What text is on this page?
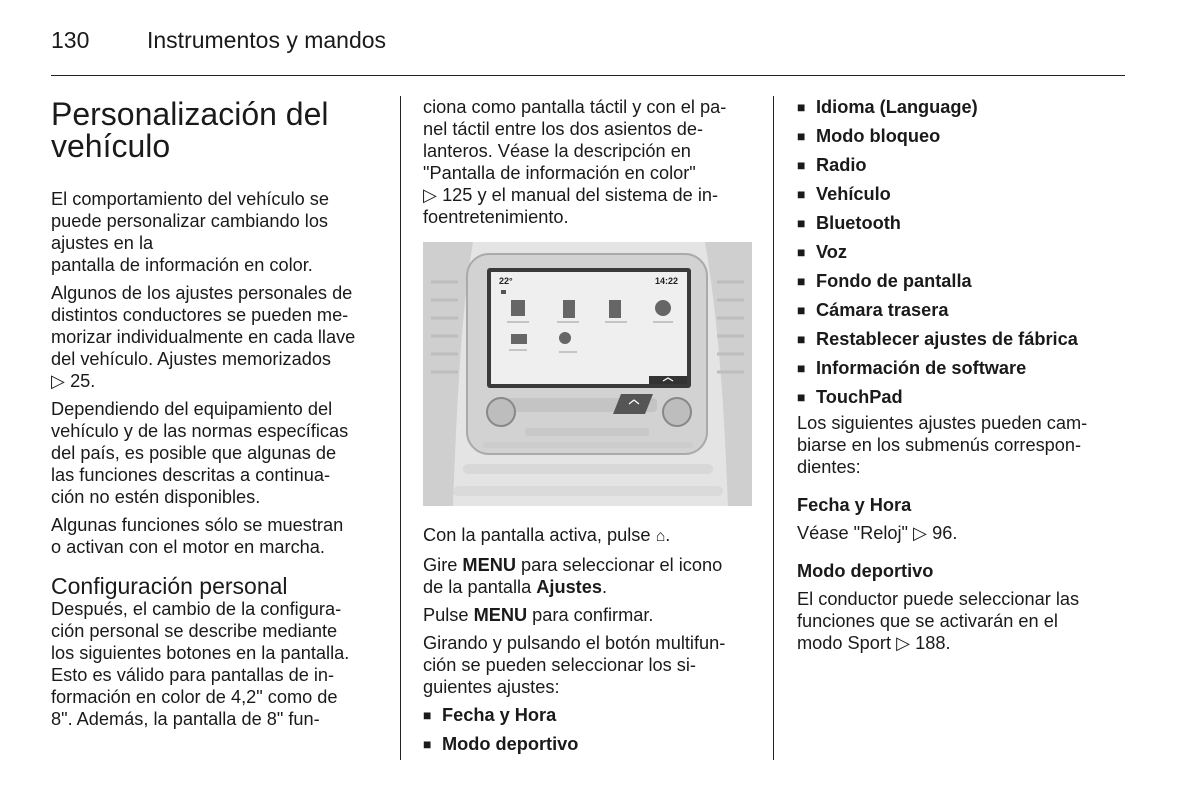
130	Instrumentos y mandos
Personalización del
vehículo

El comportamiento del vehículo se
puede personalizar cambiando los
ajustes en la
pantalla de información en color.

Algunos de los ajustes personales de
distintos conductores se pueden me-
morizar individualmente en cada llave
del vehículo. Ajustes memorizados
▷ 25.

Dependiendo del equipamiento del
vehículo y de las normas específicas
del país, es posible que algunas de
las funciones descritas a continua-
ción no estén disponibles.

Algunas funciones sólo se muestran
o activan con el motor en marcha.

Configuración personal

Después, el cambio de la configura-
ción personal se describe mediante
los siguientes botones en la pantalla.
Esto es válido para pantallas de in-
formación en color de 4,2" como de
8". Además, la pantalla de 8" fun-

ciona como pantalla táctil y con el pa-
nel táctil entre los dos asientos de-
lanteros. Véase la descripción en
"Pantalla de información en color"
▷ 125 y el manual del sistema de in-
foentretenimiento.

22°	14:22

Con la pantalla activa, pulse ⌂.

Gire MENU para seleccionar el icono
de la pantalla Ajustes.

Pulse MENU para confirmar.

Girando y pulsando el botón multifun-
ción se pueden seleccionar los si-
guientes ajustes:

■ Fecha y Hora
■ Modo deportivo
■ Idioma (Language)
■ Modo bloqueo
■ Radio
■ Vehículo
■ Bluetooth
■ Voz
■ Fondo de pantalla
■ Cámara trasera
■ Restablecer ajustes de fábrica
■ Información de software
■ TouchPad

Los siguientes ajustes pueden cam-
biarse en los submenús correspon-
dientes:

Fecha y Hora

Véase "Reloj" ▷ 96.

Modo deportivo

El conductor puede seleccionar las
funciones que se activarán en el
modo Sport ▷ 188.
